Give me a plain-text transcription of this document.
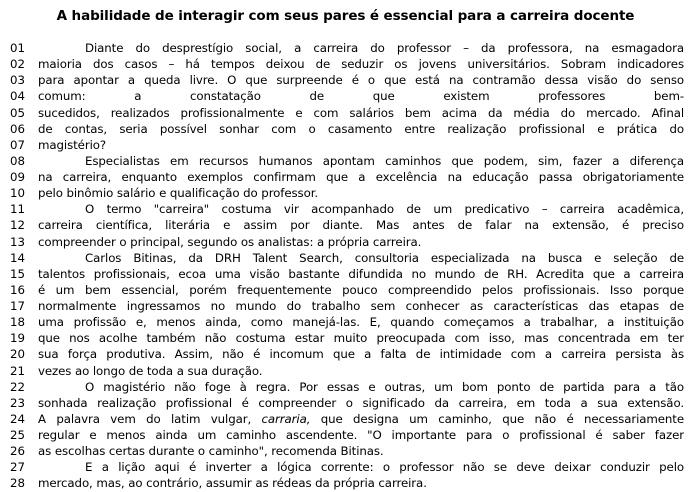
A habilidade de interagir com seus pares é essencial para a carreira docente
01	Diante do desprestígio social, a carreira do professor – da professora, na esmagadora
02	maioria dos casos – há tempos deixou de seduzir os jovens universitários. Sobram indicadores
03	para apontar a queda livre. O que surpreende é o que está na contramão dessa visão do senso
04	comum: a constatação de que existem professores bem-
05	sucedidos, realizados profissionalmente e com salários bem acima da média do mercado. Afinal
06	de contas, seria possível sonhar com o casamento entre realização profissional e prática do
07	magistério?
08	Especialistas em recursos humanos apontam caminhos que podem, sim, fazer a diferença
09	na carreira, enquanto exemplos confirmam que a excelência na educação passa obrigatoriamente
10	pelo binômio salário e qualificação do professor.
11	O termo "carreira" costuma vir acompanhado de um predicativo – carreira acadêmica,
12	carreira científica, literária e assim por diante. Mas antes de falar na extensão, é preciso
13	compreender o principal, segundo os analistas: a própria carreira.
14	Carlos Bitinas, da DRH Talent Search, consultoria especializada na busca e seleção de
15	talentos profissionais, ecoa uma visão bastante difundida no mundo de RH. Acredita que a carreira
16	é um bem essencial, porém frequentemente pouco compreendido pelos profissionais. Isso porque
17	normalmente ingressamos no mundo do trabalho sem conhecer as características das etapas de
18	uma profissão e, menos ainda, como manejá-las. E, quando começamos a trabalhar, a instituição
19	que nos acolhe também não costuma estar muito preocupada com isso, mas concentrada em ter
20	sua força produtiva. Assim, não é incomum que a falta de intimidade com a carreira persista às
21	vezes ao longo de toda a sua duração.
22	O magistério não foge à regra. Por essas e outras, um bom ponto de partida para a tão
23	sonhada realização profissional é compreender o significado da carreira, em toda a sua extensão.
24	A palavra vem do latim vulgar, carraria, que designa um caminho, que não é necessariamente
25	regular e menos ainda um caminho ascendente. "O importante para o profissional é saber fazer
26	as escolhas certas durante o caminho", recomenda Bitinas.
27	E a lição aqui é inverter a lógica corrente: o professor não se deve deixar conduzir pelo
28	mercado, mas, ao contrário, assumir as rédeas da própria carreira.
